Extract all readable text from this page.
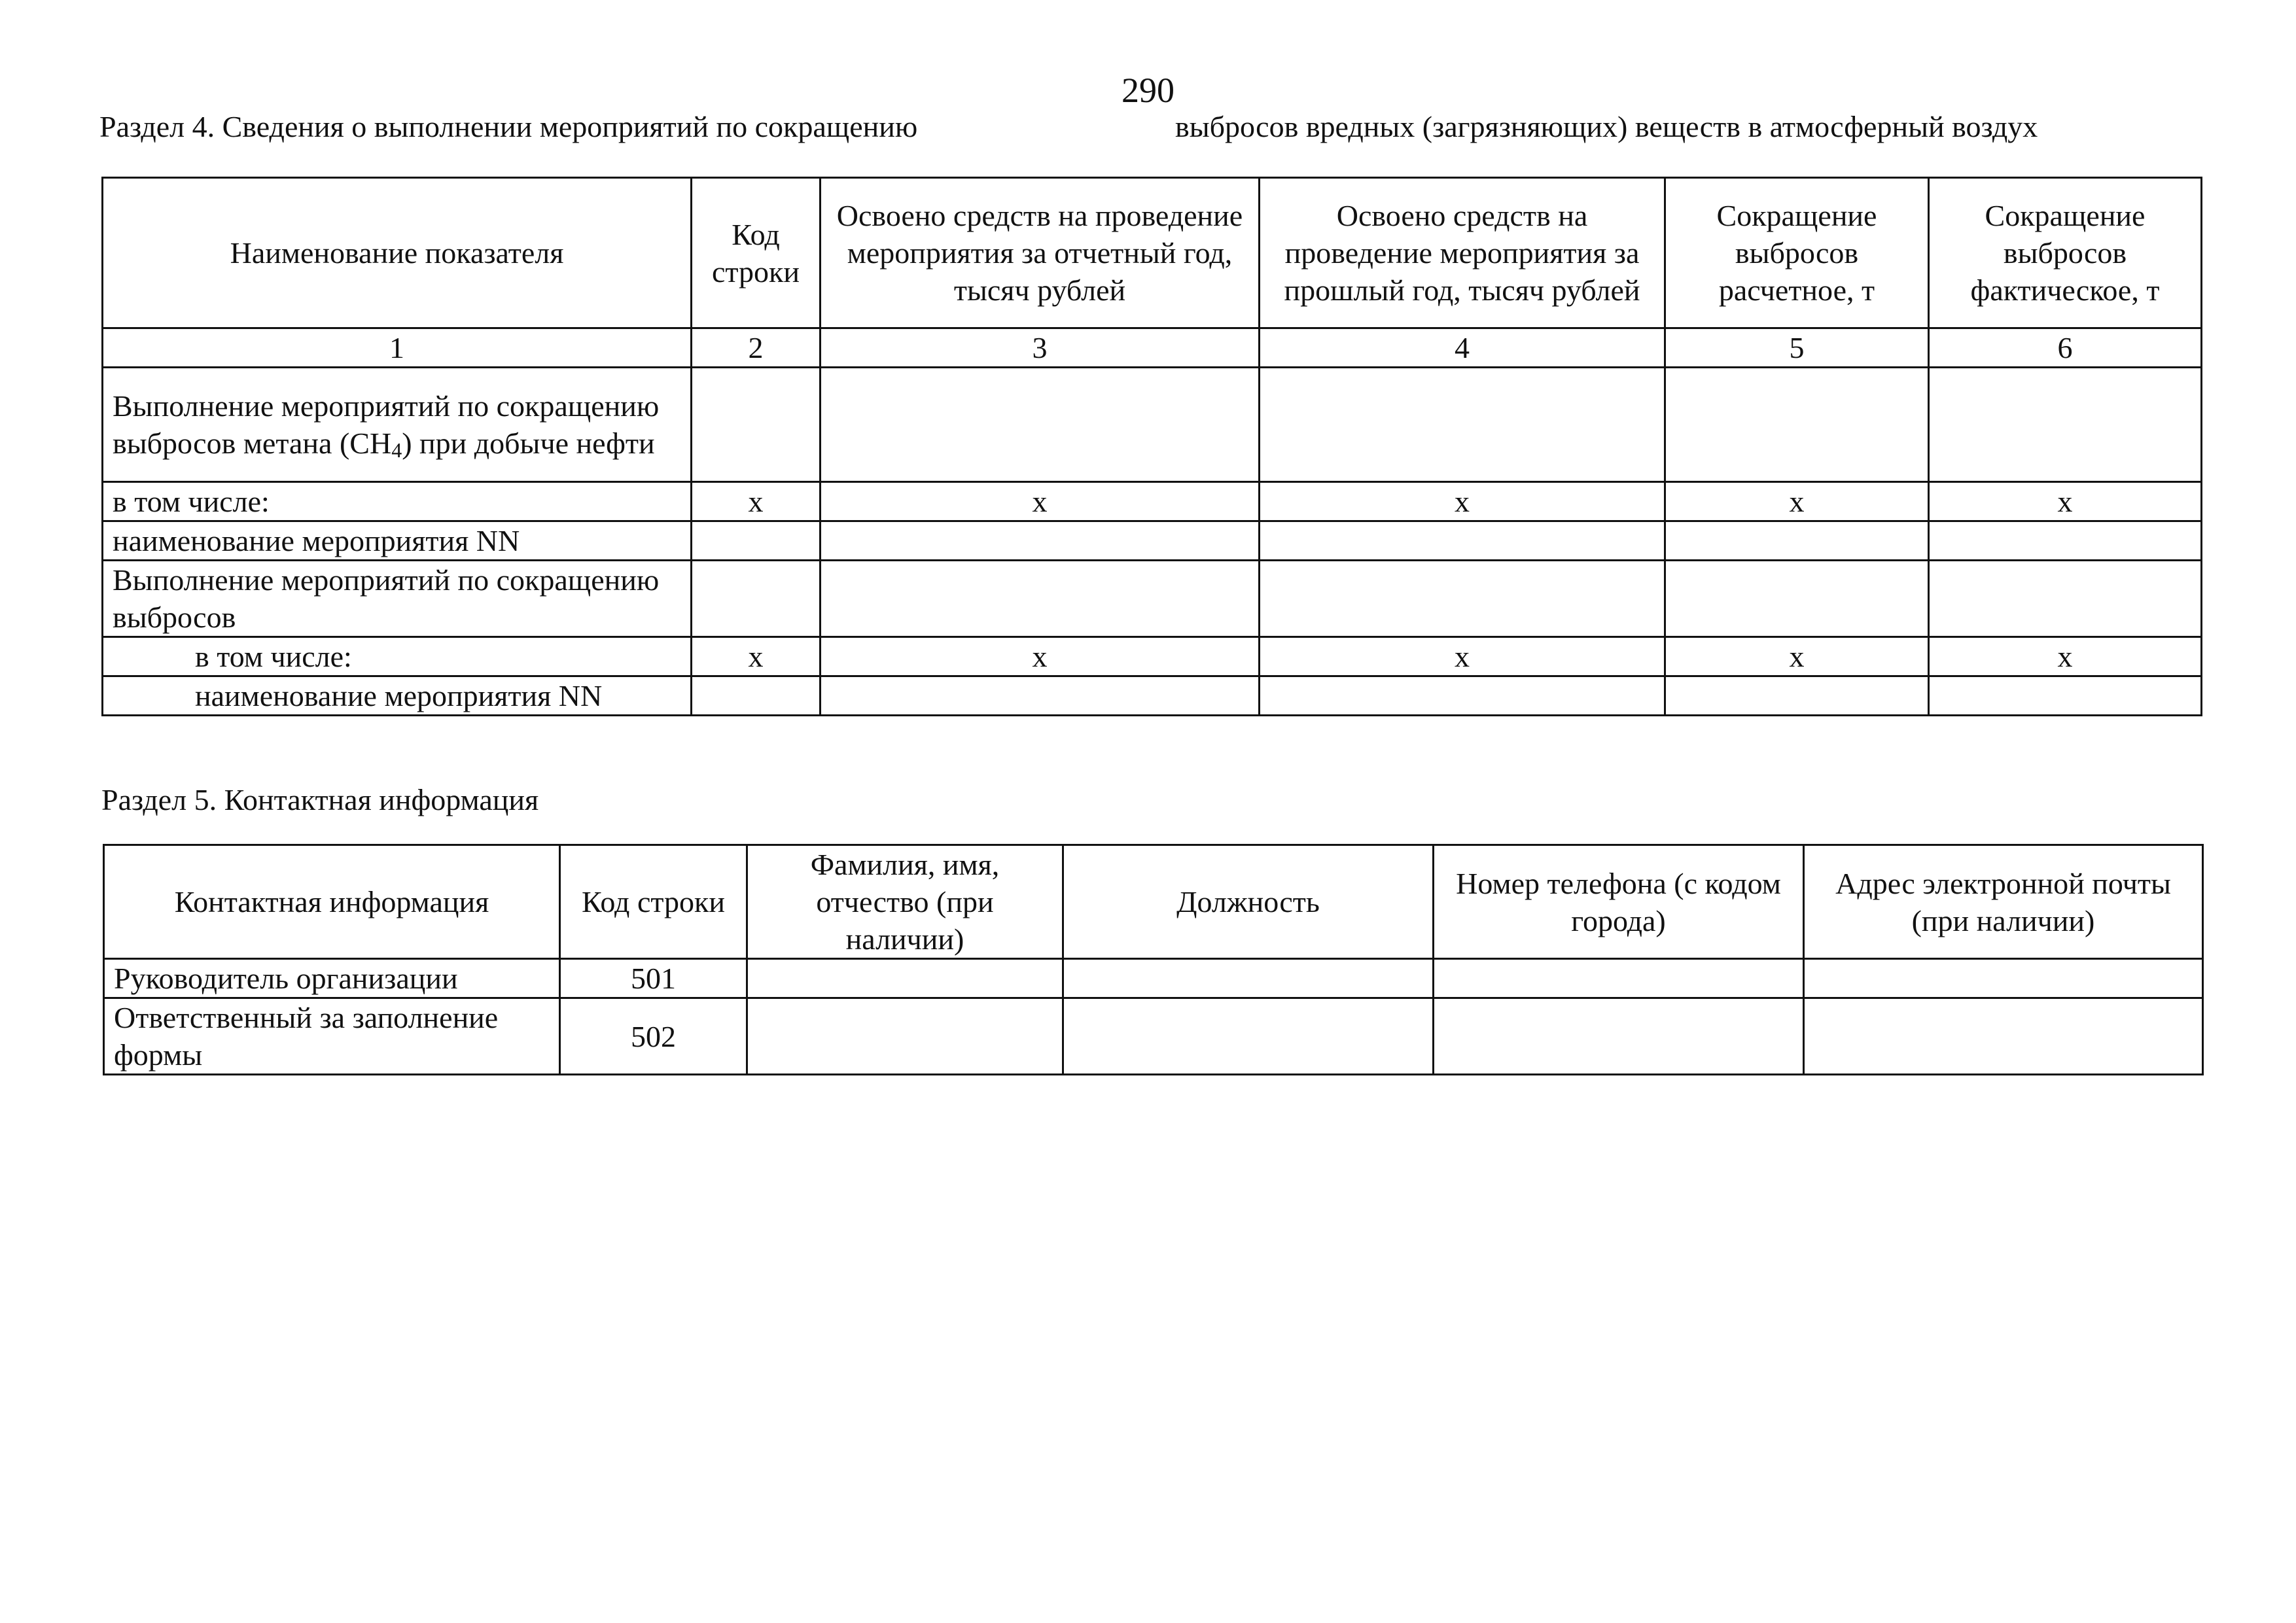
290
Раздел 4. Сведения о выполнении мероприятий по сокращению	выбросов вредных (загрязняющих) веществ в атмосферный воздух
Наименование показателя	Код строки	Освоено средств на проведение мероприятия за отчетный год, тысяч рублей	Освоено средств на проведение мероприятия за прошлый год, тысяч рублей	Сокращение выбросов расчетное, т	Сокращение выбросов фактическое, т
1	2	3	4	5	6
Выполнение мероприятий по сокращению выбросов метана $(CH_4)$ при добыче нефти					
в том числе:	x	x	x	x	x
наименование мероприятия NN					
Выполнение мероприятий по сокращению выбросов					
в том числе:	x	x	x	x	x
наименование мероприятия NN					
Раздел 5. Контактная информация
Контактная информация	Код строки	Фамилия, имя, отчество (при наличии)	Должность	Номер телефона (с кодом города)	Адрес электронной почты (при наличии)
Руководитель организации	501				
Ответственный за заполнение формы	502				
